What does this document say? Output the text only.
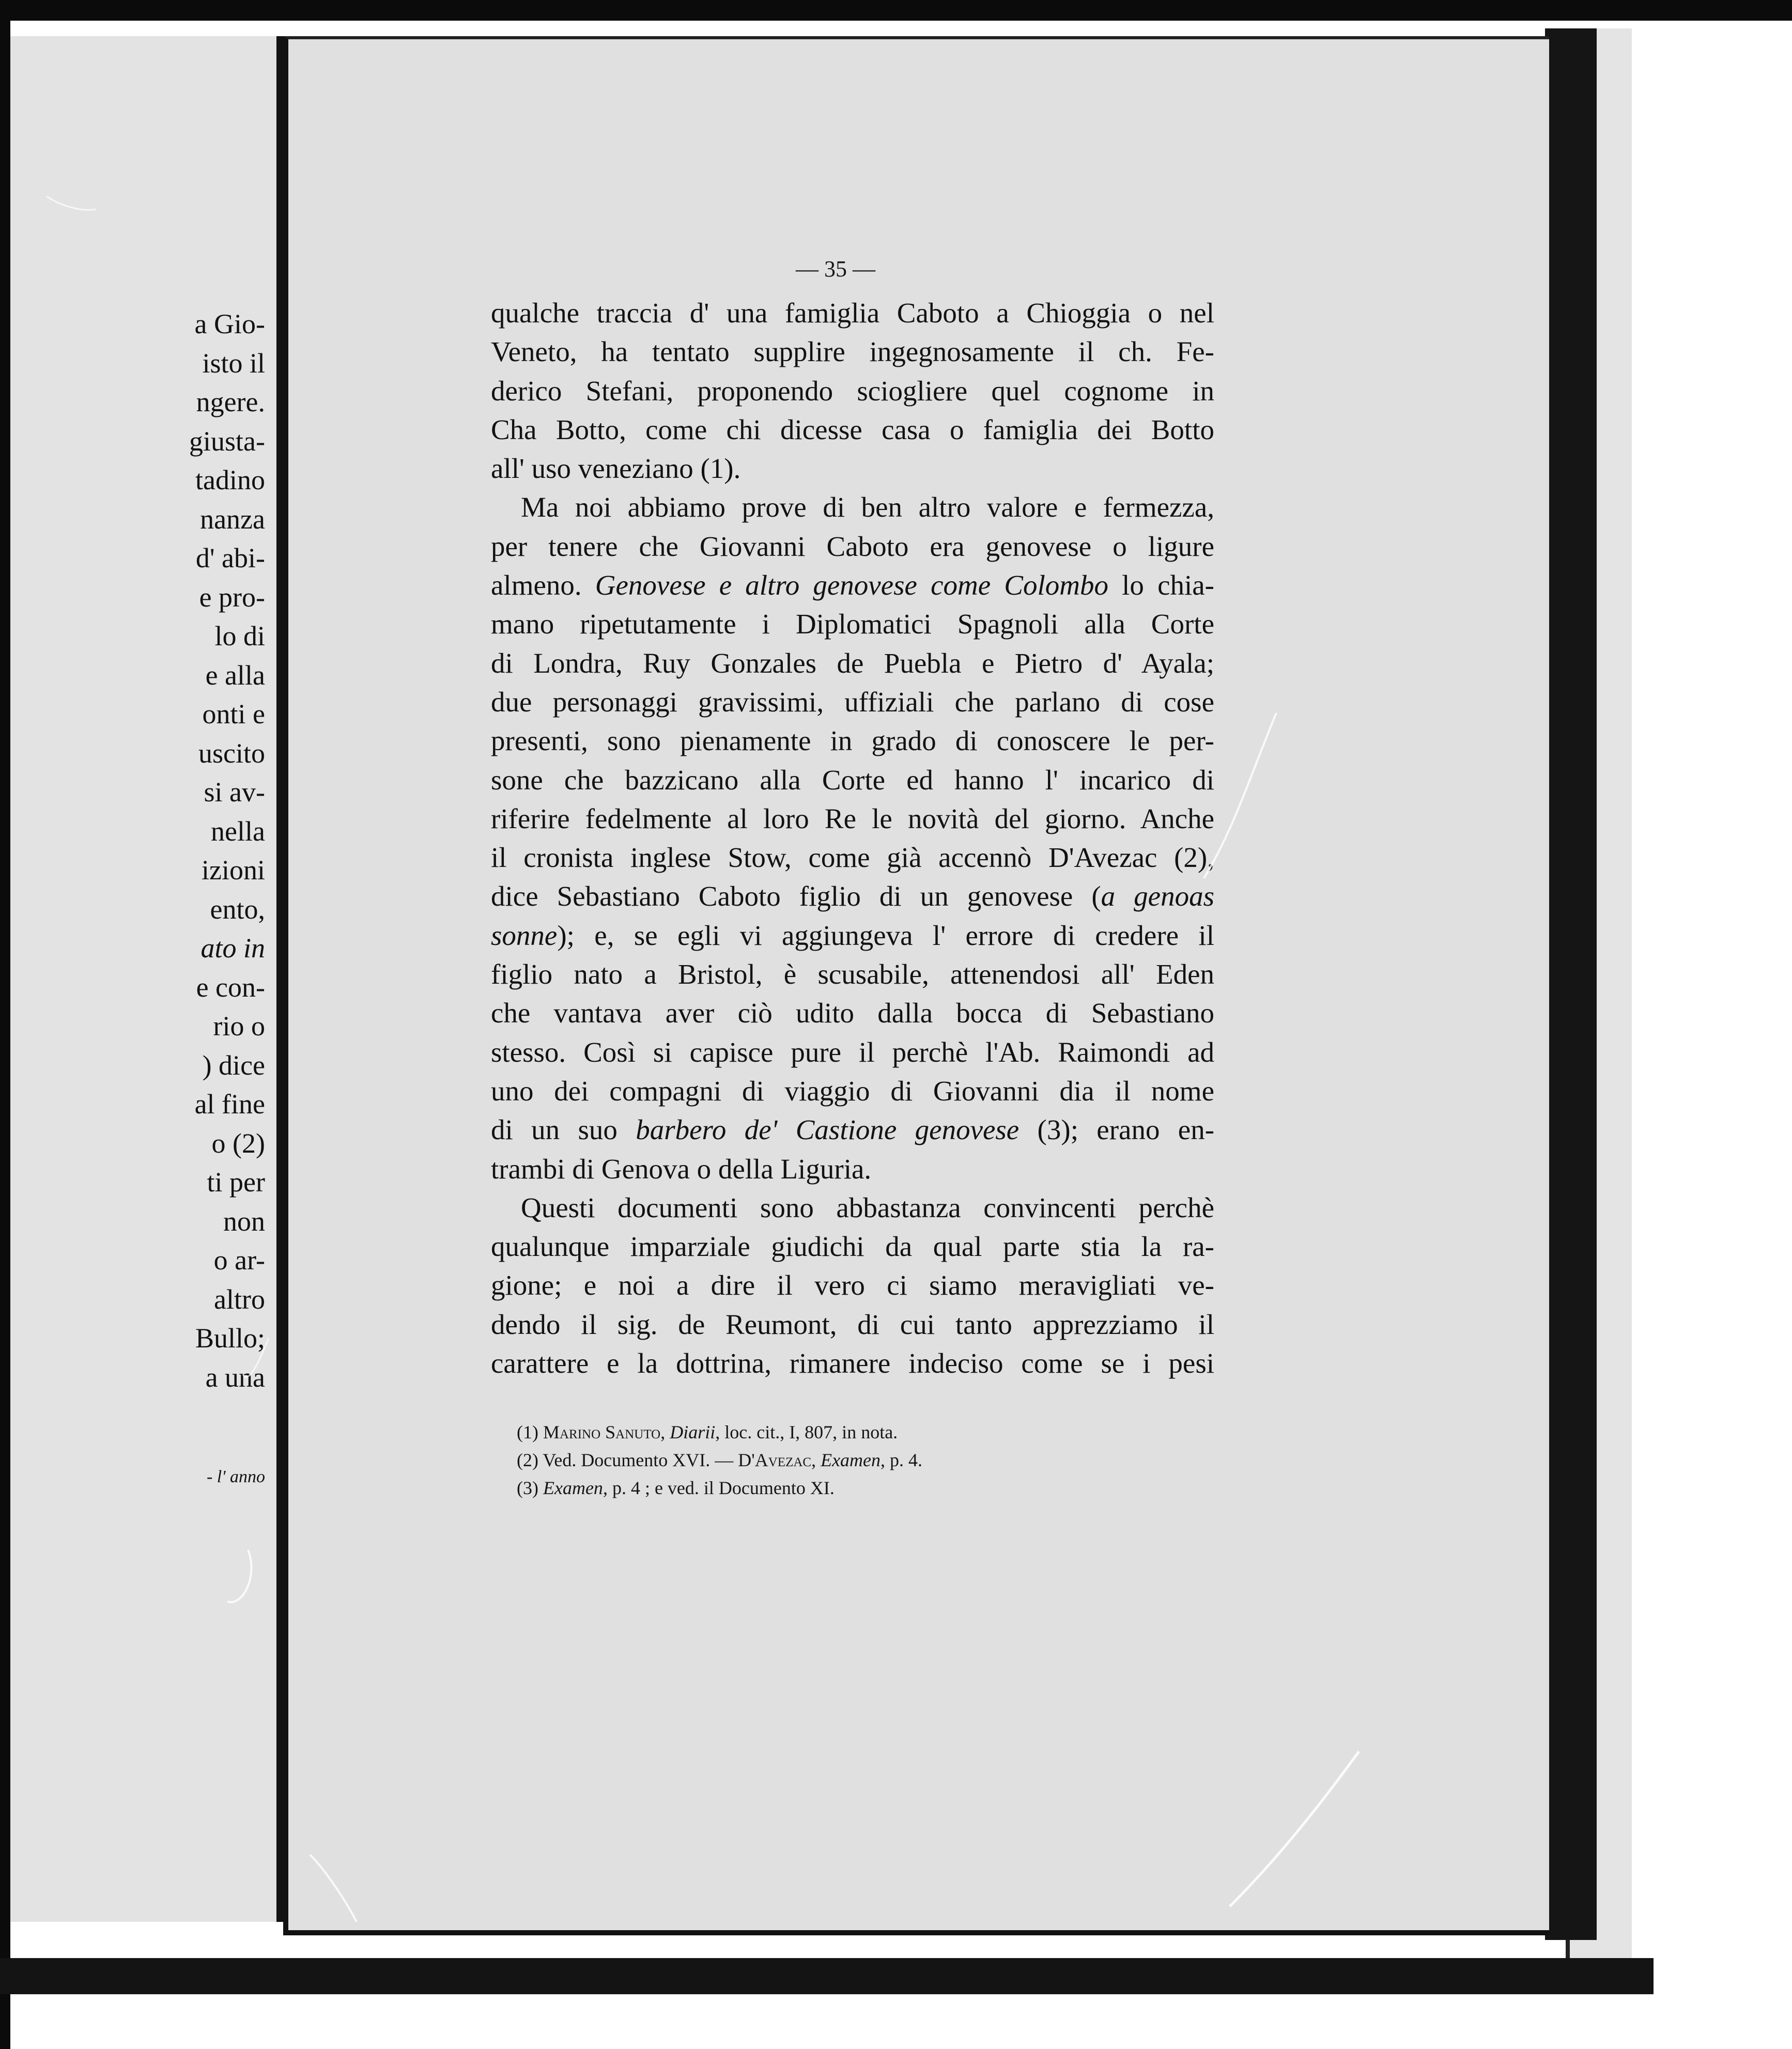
a Gio-
isto il
ngere.
giusta-
tadino
nanza
d' abi-
e pro-
lo di
e alla
onti e
uscito
si av-
nella
izioni
ento,
ato in
e con-
rio o
) dice
al fine
o (2)
ti per
non
o ar-
altro
Bullo;
a una
- l' anno
— 35 —
qualche traccia d' una famiglia Caboto a Chioggia o nel
Veneto, ha tentato supplire ingegnosamente il ch. Fe-
derico Stefani, proponendo sciogliere quel cognome in
Cha Botto, come chi dicesse casa o famiglia dei Botto
all' uso veneziano (1).
Ma noi abbiamo prove di ben altro valore e fermezza,
per tenere che Giovanni Caboto era genovese o ligure
almeno. Genovese e altro genovese come Colombo lo chia-
mano ripetutamente i Diplomatici Spagnoli alla Corte
di Londra, Ruy Gonzales de Puebla e Pietro d' Ayala;
due personaggi gravissimi, uffiziali che parlano di cose
presenti, sono pienamente in grado di conoscere le per-
sone che bazzicano alla Corte ed hanno l' incarico di
riferire fedelmente al loro Re le novità del giorno. Anche
il cronista inglese Stow, come già accennò D'Avezac (2),
dice Sebastiano Caboto figlio di un genovese (a genoas
sonne); e, se egli vi aggiungeva l' errore di credere il
figlio nato a Bristol, è scusabile, attenendosi all' Eden
che vantava aver ciò udito dalla bocca di Sebastiano
stesso. Così si capisce pure il perchè l'Ab. Raimondi ad
uno dei compagni di viaggio di Giovanni dia il nome
di un suo barbero de' Castione genovese (3); erano en-
trambi di Genova o della Liguria.
Questi documenti sono abbastanza convincenti perchè
qualunque imparziale giudichi da qual parte stia la ra-
gione; e noi a dire il vero ci siamo meravigliati ve-
dendo il sig. de Reumont, di cui tanto apprezziamo il
carattere e la dottrina, rimanere indeciso come se i pesi
(1) Marino Sanuto, Diarii, loc. cit., I, 807, in nota.
(2) Ved. Documento XVI. — D'Avezac, Examen, p. 4.
(3) Examen, p. 4 ; e ved. il Documento XI.
